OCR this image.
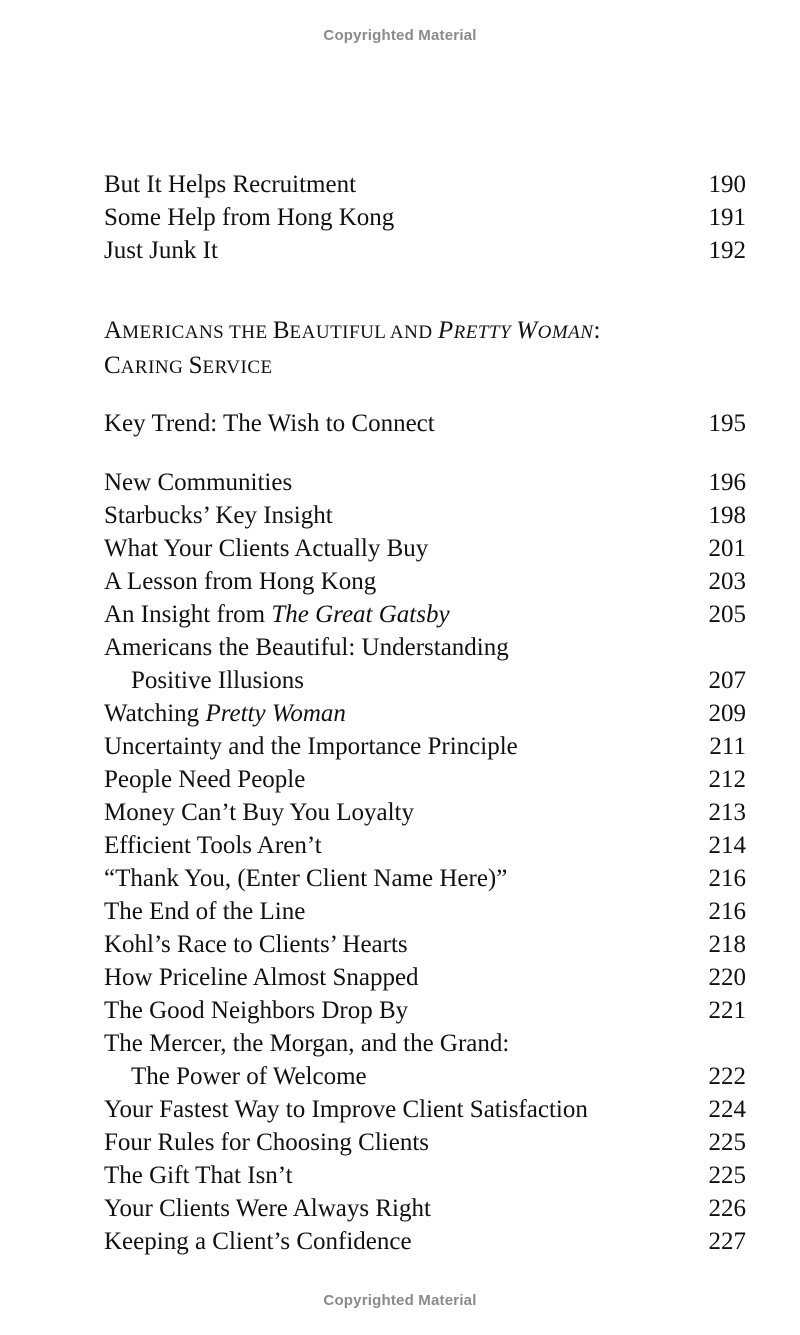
Copyrighted Material
But It Helps Recruitment	190
Some Help from Hong Kong	191
Just Junk It	192
AMERICANS THE BEAUTIFUL AND PRETTY WOMAN:
CARING SERVICE
Key Trend: The Wish to Connect	195
New Communities	196
Starbucks’ Key Insight	198
What Your Clients Actually Buy	201
A Lesson from Hong Kong	203
An Insight from The Great Gatsby	205
Americans the Beautiful: Understanding
Positive Illusions	207
Watching Pretty Woman	209
Uncertainty and the Importance Principle	211
People Need People	212
Money Can’t Buy You Loyalty	213
Efficient Tools Aren’t	214
“Thank You, (Enter Client Name Here)”	216
The End of the Line	216
Kohl’s Race to Clients’ Hearts	218
How Priceline Almost Snapped	220
The Good Neighbors Drop By	221
The Mercer, the Morgan, and the Grand:
The Power of Welcome	222
Your Fastest Way to Improve Client Satisfaction	224
Four Rules for Choosing Clients	225
The Gift That Isn’t	225
Your Clients Were Always Right	226
Keeping a Client’s Confidence	227
Copyrighted Material
